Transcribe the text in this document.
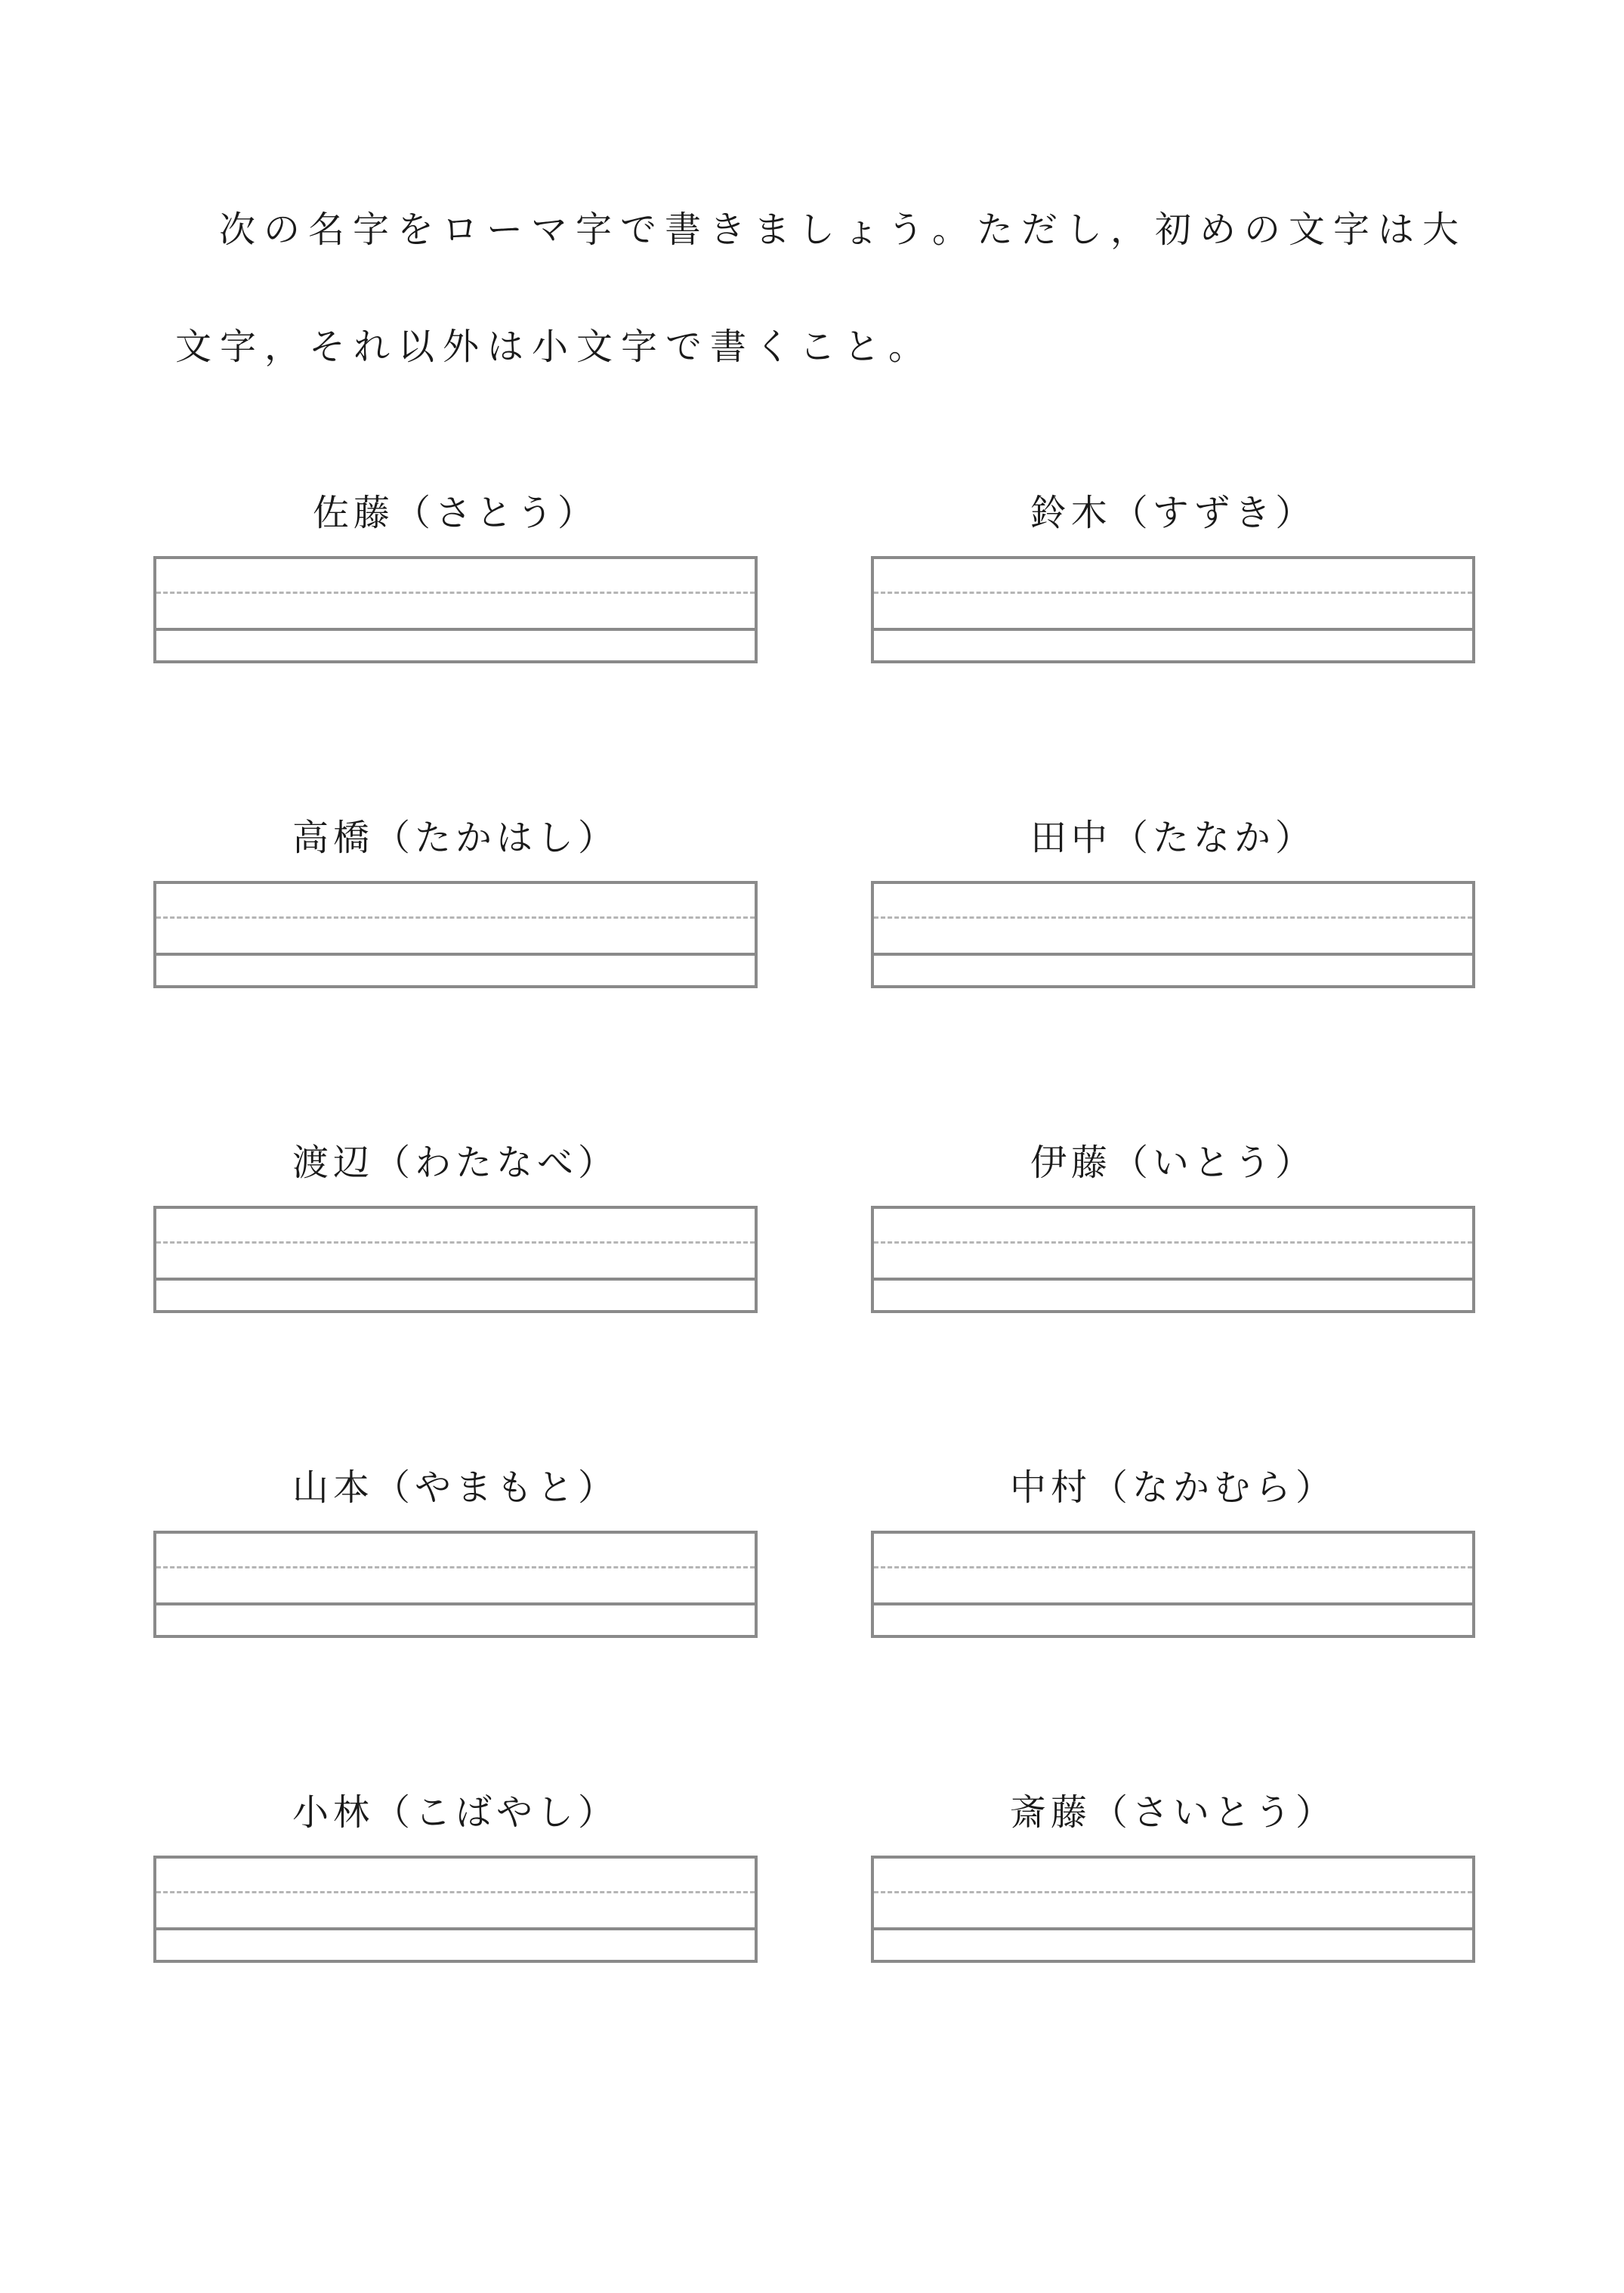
次の名字をローマ字で書きましょう。ただし，初めの文字は大
文字，それ以外は小文字で書くこと。
佐藤（さとう）	鈴木（すずき）
高橋（たかはし）	田中（たなか）
渡辺（わたなべ）	伊藤（いとう）
山本（やまもと）	中村（なかむら）
小林（こばやし）	斎藤（さいとう）
